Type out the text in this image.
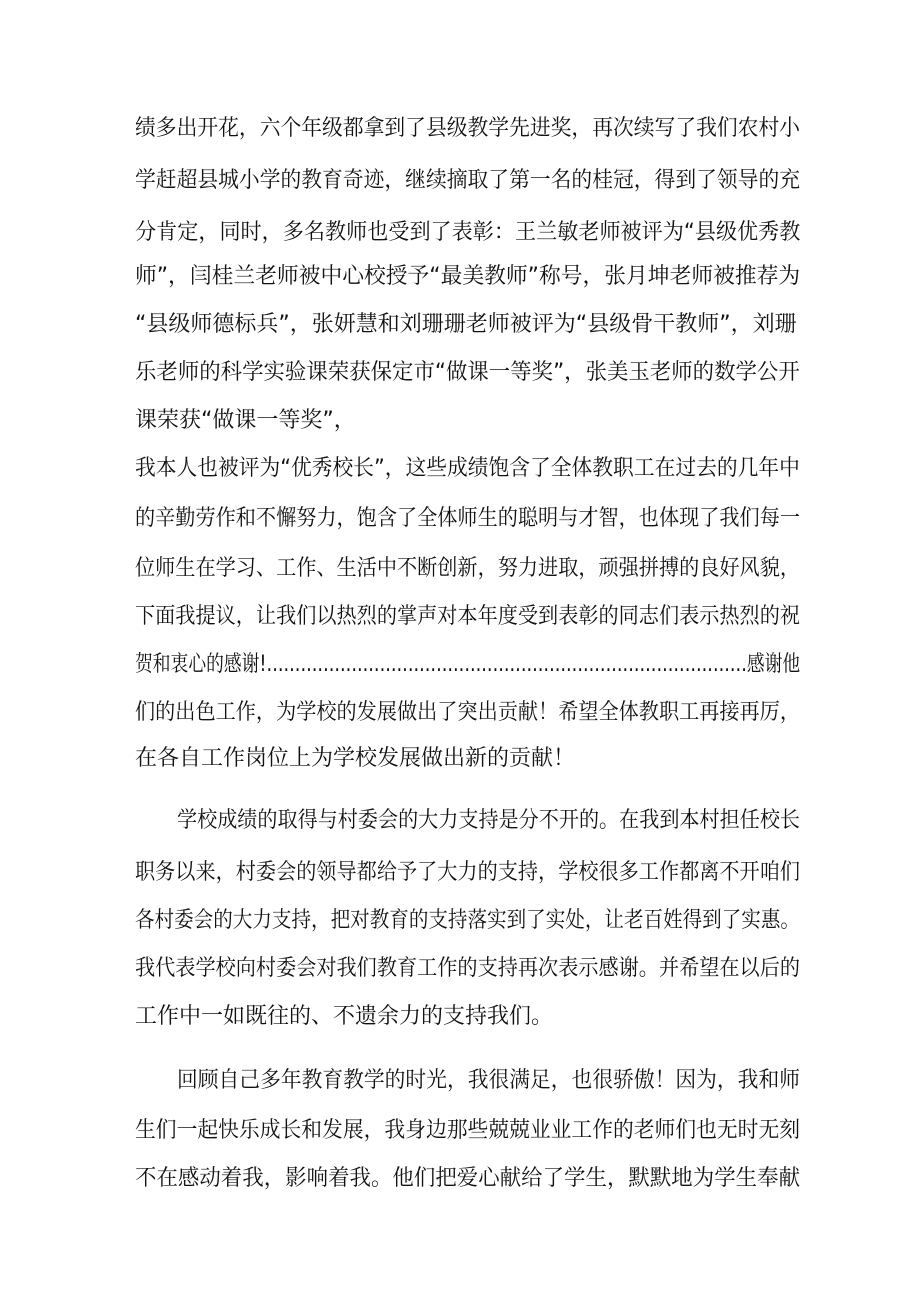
绩多出开花，六个年级都拿到了县级教学先进奖，再次续写了我们农村小
学赶超县城小学的教育奇迹，继续摘取了第一名的桂冠，得到了领导的充
分肯定，同时，多名教师也受到了表彰：王兰敏老师被评为“县级优秀教
师”，闫桂兰老师被中心校授予“最美教师”称号，张月坤老师被推荐为
“县级师德标兵”，张妍慧和刘珊珊老师被评为“县级骨干教师”，刘珊
乐老师的科学实验课荣获保定市“做课一等奖”，张美玉老师的数学公开
课荣获“做课一等奖”，
我本人也被评为“优秀校长”，这些成绩饱含了全体教职工在过去的几年中
的辛勤劳作和不懈努力，饱含了全体师生的聪明与才智，也体现了我们每一
位师生在学习、工作、生活中不断创新，努力进取，顽强拼搏的良好风貌，
下面我提议，让我们以热烈的掌声对本年度受到表彰的同志们表示热烈的祝
贺和衷心的感谢!.....................................................................................感谢他
们的出色工作，为学校的发展做出了突出贡献！希望全体教职工再接再厉，
在各自工作岗位上为学校发展做出新的贡献！
学校成绩的取得与村委会的大力支持是分不开的。在我到本村担任校长
职务以来，村委会的领导都给予了大力的支持，学校很多工作都离不开咱们
各村委会的大力支持，把对教育的支持落实到了实处，让老百姓得到了实惠。
我代表学校向村委会对我们教育工作的支持再次表示感谢。并希望在以后的
工作中一如既往的、不遗余力的支持我们。
回顾自己多年教育教学的时光，我很满足，也很骄傲！因为，我和师
生们一起快乐成长和发展，我身边那些兢兢业业工作的老师们也无时无刻
不在感动着我，影响着我。他们把爱心献给了学生，默默地为学生奉献
